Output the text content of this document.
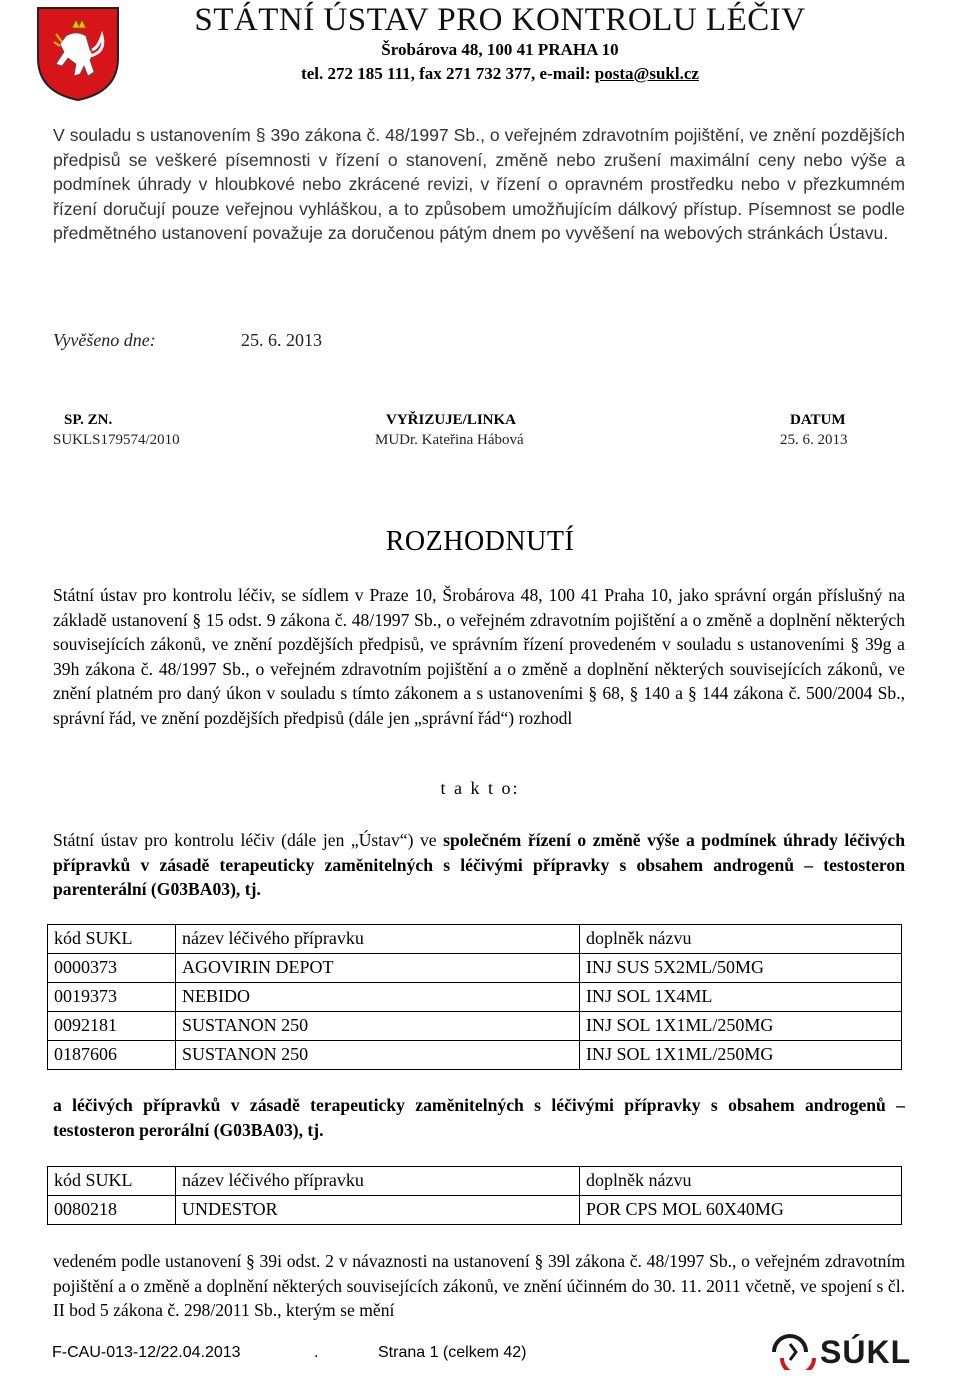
STÁTNÍ ÚSTAV PRO KONTROLU LÉČIV
Šrobárova 48, 100 41 PRAHA 10
tel. 272 185 111, fax 271 732 377, e-mail: posta@sukl.cz
V souladu s ustanovením § 39o zákona č. 48/1997 Sb., o veřejném zdravotním pojištění, ve znění pozdějších předpisů se veškeré písemnosti v řízení o stanovení, změně nebo zrušení maximální ceny nebo výše a podmínek úhrady v hloubkové nebo zkrácené revizi, v řízení o opravném prostředku nebo v přezkumném řízení doručují pouze veřejnou vyhláškou, a to způsobem umožňujícím dálkový přístup. Písemnost se podle předmětného ustanovení považuje za doručenou pátým dnem po vyvěšení na webových stránkách Ústavu.
Vyvěšeno dne:	25. 6. 2013
SP. ZN.
SUKLS179574/2010
VYŘIZUJE/LINKA
MUDr. Kateřina Hábová
DATUM
25. 6. 2013
ROZHODNUTÍ
Státní ústav pro kontrolu léčiv, se sídlem v Praze 10, Šrobárova 48, 100 41 Praha 10, jako správní orgán příslušný na základě ustanovení § 15 odst. 9 zákona č. 48/1997 Sb., o veřejném zdravotním pojištění a o změně a doplnění některých souvisejících zákonů, ve znění pozdějších předpisů, ve správním řízení provedeném v souladu s ustanoveními § 39g a 39h zákona č. 48/1997 Sb., o veřejném zdravotním pojištění a o změně a doplnění některých souvisejících zákonů, ve znění platném pro daný úkon v souladu s tímto zákonem a s ustanoveními § 68, § 140 a § 144 zákona č. 500/2004 Sb., správní řád, ve znění pozdějších předpisů (dále jen „správní řád“) rozhodl
t a k t o:
Státní ústav pro kontrolu léčiv (dále jen „Ústav“) ve společném řízení o změně výše a podmínek úhrady léčivých přípravků v zásadě terapeuticky zaměnitelných s léčivými přípravky s obsahem androgenů – testosteron parenterální (G03BA03), tj.
kód SUKL	název léčivého přípravku	doplněk názvu
0000373	AGOVIRIN DEPOT	INJ SUS 5X2ML/50MG
0019373	NEBIDO	INJ SOL 1X4ML
0092181	SUSTANON 250	INJ SOL 1X1ML/250MG
0187606	SUSTANON 250	INJ SOL 1X1ML/250MG
a léčivých přípravků v zásadě terapeuticky zaměnitelných s léčivými přípravky s obsahem androgenů – testosteron perorální (G03BA03), tj.
kód SUKL	název léčivého přípravku	doplněk názvu
0080218	UNDESTOR	POR CPS MOL 60X40MG
vedeném podle ustanovení § 39i odst. 2 v návaznosti na ustanovení § 39l zákona č. 48/1997 Sb., o veřejném zdravotním pojištění a o změně a doplnění některých souvisejících zákonů, ve znění účinném do 30. 11. 2011 včetně, ve spojení s čl. II bod 5 zákona č. 298/2011 Sb., kterým se mění
F-CAU-013-12/22.04.2013	.	Strana 1 (celkem 42)	SÚKL
